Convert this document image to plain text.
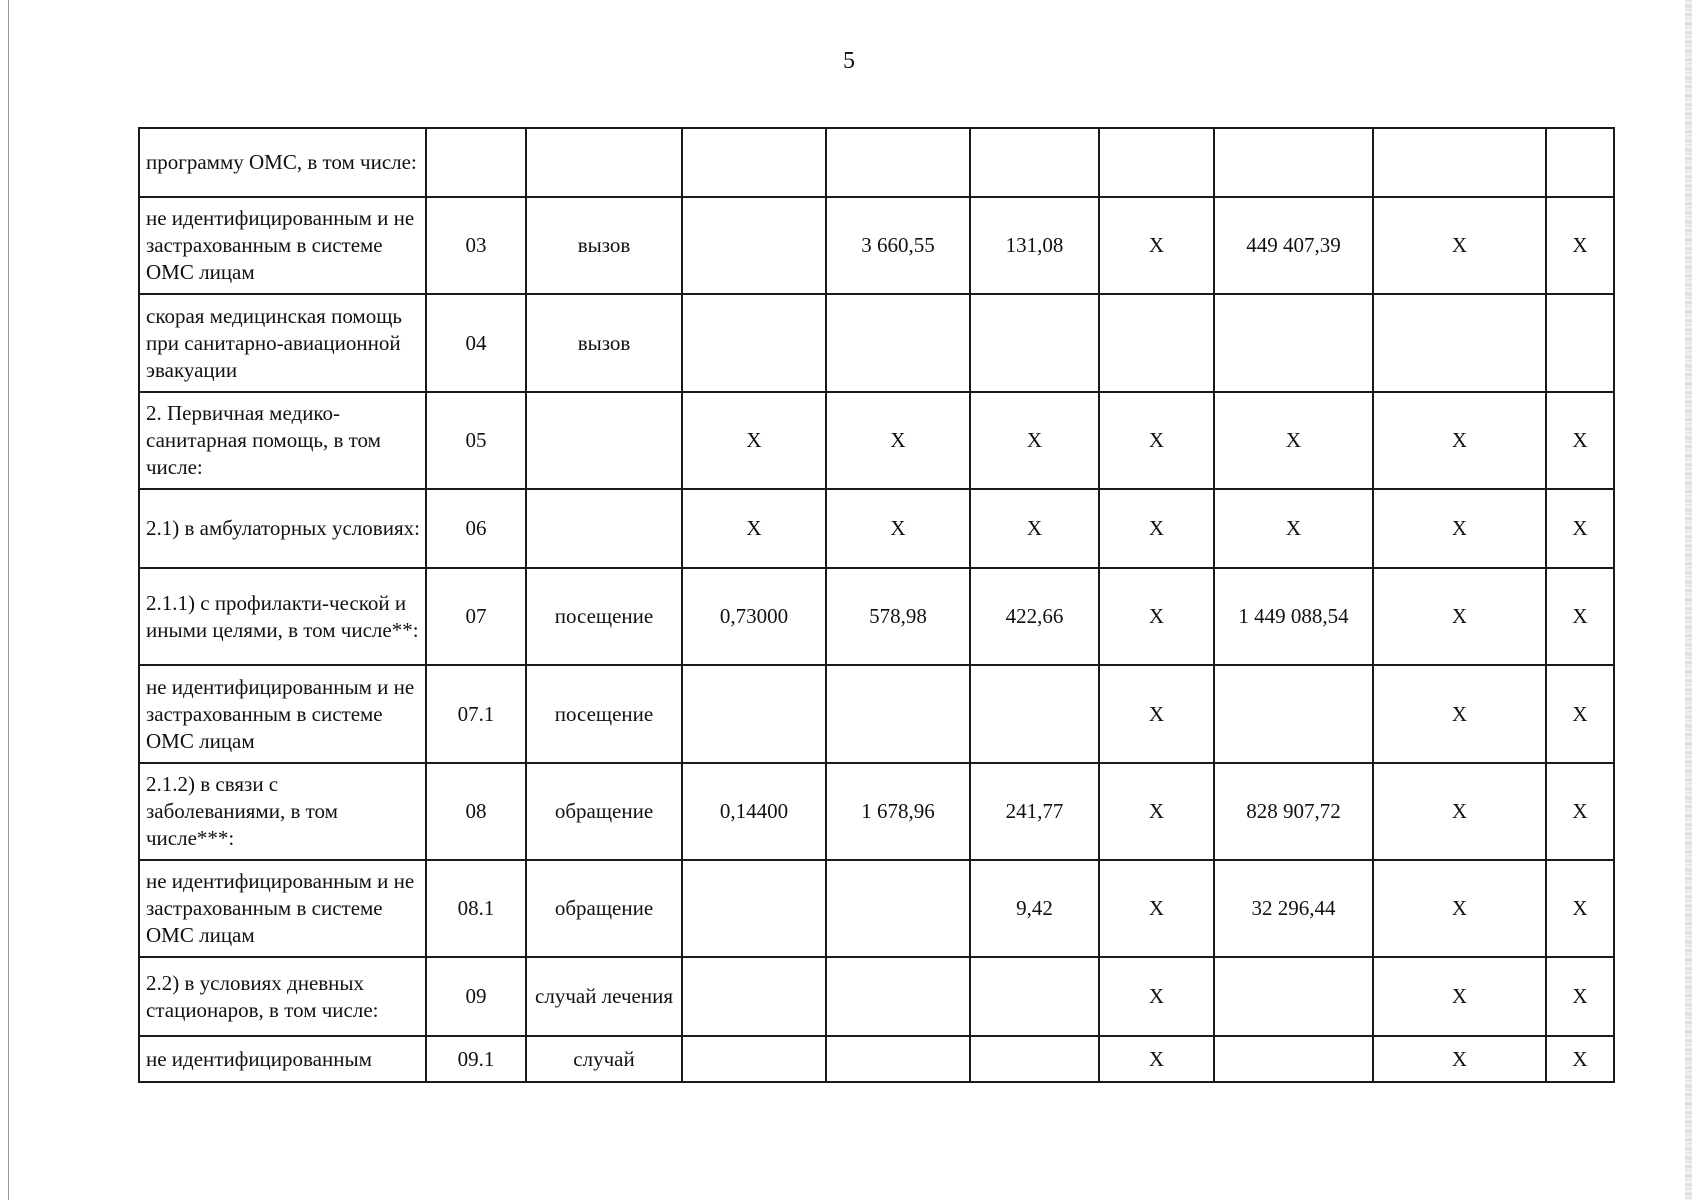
5
программу ОМС, в том числе:									
не идентифицированным и не застрахованным в системе ОМС лицам	03	вызов		3 660,55	131,08	X	449 407,39	X	X
скорая медицинская помощь при санитарно-авиационной эвакуации	04	вызов							
2. Первичная медико-санитарная помощь, в том числе:	05		X	X	X	X	X	X	X
2.1) в амбулаторных условиях:	06		X	X	X	X	X	X	X
2.1.1) с профилакти-ческой и иными целями, в том числе**:	07	посещение	0,73000	578,98	422,66	X	1 449 088,54	X	X
не идентифицированным и не застрахованным в системе ОМС лицам	07.1	посещение				X		X	X
2.1.2) в связи с заболеваниями, в том числе***:	08	обращение	0,14400	1 678,96	241,77	X	828 907,72	X	X
не идентифицированным и не застрахованным в системе ОМС лицам	08.1	обращение			9,42	X	32 296,44	X	X
2.2) в условиях дневных стационаров, в том числе:	09	случай лечения				X		X	X
не идентифицированным	09.1	случай				X		X	X
